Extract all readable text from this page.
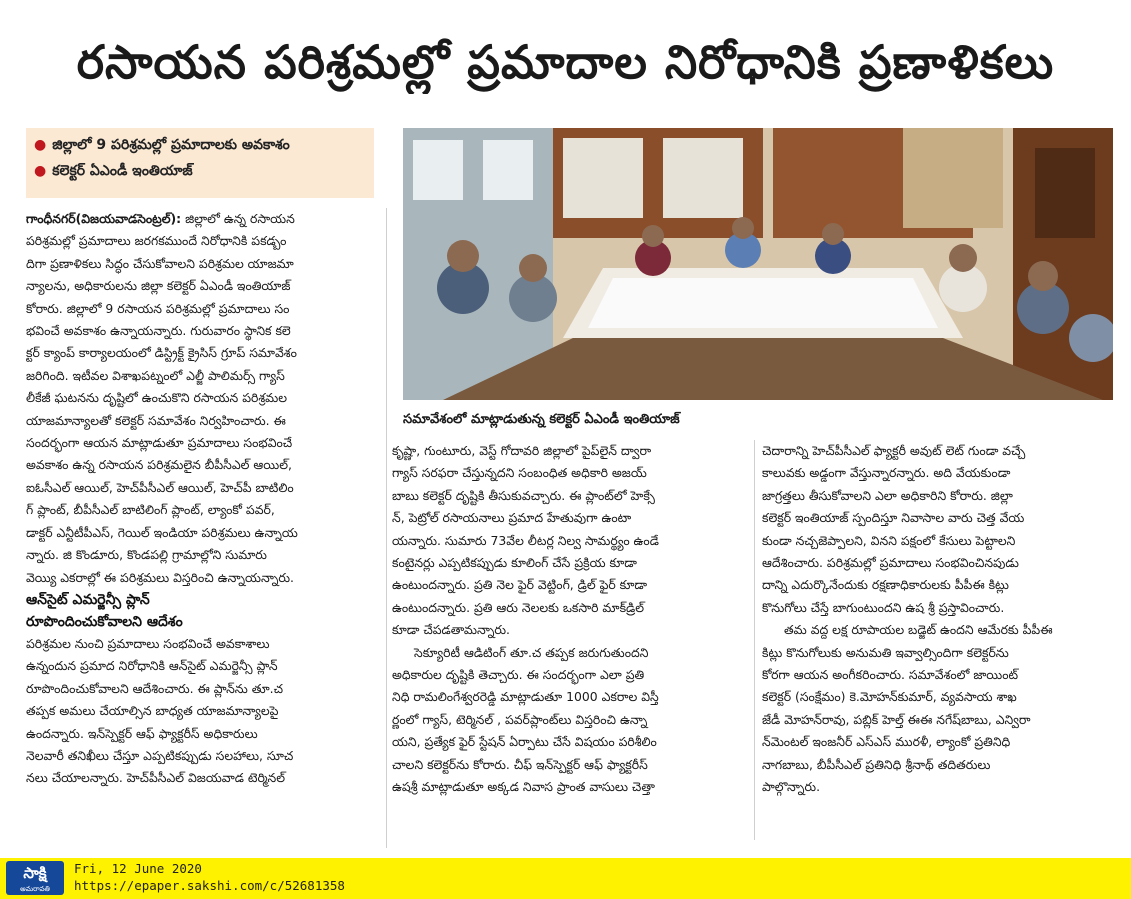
రసాయన పరిశ్రమల్లో ప్రమాదాల నిరోధానికి ప్రణాళికలు
● జిల్లాలో 9 పరిశ్రమల్లో ప్రమాదాలకు అవకాశం
● కలెక్టర్ ఏఎండీ ఇంతియాజ్
సమావేశంలో మాట్లాడుతున్న కలెక్టర్ ఏఎండీ ఇంతియాజ్

గాంధీనగర్(విజయవాడసెంట్రల్): జిల్లాలో ఉన్న రసాయన

పరిశ్రమల్లో ప్రమాదాలు జరగకముందే నిరోధానికి పకడ్బం

దిగా ప్రణాళికలు సిద్ధం చేసుకోవాలని పరిశ్రమల యాజమా

న్యాలను, అధికారులను జిల్లా కలెక్టర్ ఏఎండీ ఇంతియాజ్

కోరారు. జిల్లాలో 9 రసాయన పరిశ్రమల్లో ప్రమాదాలు సం

భవించే అవకాశం ఉన్నాయన్నారు. గురువారం స్థానిక కలె

క్టర్ క్యాంప్ కార్యాలయంలో డిస్ట్రిక్ట్ క్రైసిస్ గ్రూప్ సమావేశం

జరిగింది. ఇటీవల విశాఖపట్నంలో ఎల్జీ పాలిమర్స్ గ్యాస్

లీకేజీ ఘటనను దృష్టిలో ఉంచుకొని రసాయన పరిశ్రమల

యాజమాన్యాలతో కలెక్టర్ సమావేశం నిర్వహించారు. ఈ

సందర్భంగా ఆయన మాట్లాడుతూ ప్రమాదాలు సంభవించే

అవకాశం ఉన్న రసాయన పరిశ్రమలైన బీపీసీఎల్ ఆయిల్,

ఐఓసీఎల్ ఆయిల్, హెచ్‌పీసీఎల్ ఆయిల్, హెచ్‌పీ బాటిలిం

గ్ ప్లాంట్, బీపీసీఎల్ బాటిలింగ్ ప్లాంట్, ల్యాంకో పవర్,

డాక్టర్ ఎన్టీటీపీఎస్, గెయిల్ ఇండియా పరిశ్రమలు ఉన్నాయ

న్నారు. జి కొండూరు, కొండపల్లి గ్రామాల్లోని సుమారు

వెయ్యి ఎకరాల్లో ఈ పరిశ్రమలు విస్తరించి ఉన్నాయన్నారు.

ఆన్‌సైట్ ఎమర్జెన్సీ ప్లాన్

రూపొందించుకోవాలని ఆదేశం

పరిశ్రమల నుంచి ప్రమాదాలు సంభవించే అవకాశాలు

ఉన్నందున ప్రమాద నిరోధానికి ఆన్‌సైట్ ఎమర్జెన్సీ ప్లాన్

రూపొందించుకోవాలని ఆదేశించారు. ఈ ప్లాన్‌ను తూ.చ

తప్పక అమలు చేయాల్సిన బాధ్యత యాజమాన్యాలపై

ఉందన్నారు. ఇన్‌స్పెక్టర్ ఆఫ్ ఫ్యాక్టరీస్ అధికారులు

నెలవారీ తనిఖీలు చేస్తూ ఎప్పటికప్పుడు సలహాలు, సూచ

నలు చేయాలన్నారు. హెచ్‌పీసీఎల్ విజయవాడ టెర్మినల్

కృష్ణా, గుంటూరు, వెస్ట్ గోదావరి జిల్లాలో పైప్‌లైన్ ద్వారా

గ్యాస్ సరఫరా చేస్తున్నదని సంబంధిత అధికారి అజయ్

బాబు కలెక్టర్ దృష్టికి తీసుకువచ్చారు. ఈ ప్లాంట్‌లో హెక్సే

న్, పెట్రోల్ రసాయనాలు ప్రమాద హేతువుగా ఉంటా

యన్నారు. సుమారు 73వేల లీటర్ల నిల్వ సామర్థ్యం ఉండే

కంటైనర్లు ఎప్పటికప్పుడు కూలింగ్ చేసే ప్రక్రియ కూడా

ఉంటుందన్నారు. ప్రతి నెల ఫైర్ వెట్టింగ్, డ్రిల్ ఫైర్ కూడా

ఉంటుందన్నారు. ప్రతి ఆరు నెలలకు ఒకసారి మాక్‌డ్రిల్

కూడా చేపడతామన్నారు.

సెక్యూరిటీ ఆడిటింగ్ తూ.చ తప్పక జరుగుతుందని

అధికారుల దృష్టికి తెచ్చారు. ఈ సందర్భంగా ఎలా ప్రతి

నిధి రామలింగేశ్వరరెడ్డి మాట్లాడుతూ 1000 ఎకరాల విస్తీ

ర్ణంలో గ్యాస్, టెర్మినల్ , పవర్‌ప్లాంట్‌లు విస్తరించి ఉన్నా

యని, ప్రత్యేక ఫైర్ స్టేషన్ ఏర్పాటు చేసే విషయం పరిశీలిం

చాలని కలెక్టర్‌ను కోరారు. చీఫ్ ఇన్‌స్పెక్టర్ ఆఫ్ ఫ్యాక్టరీస్

ఉషశ్రీ మాట్లాడుతూ అక్కడ నివాస ప్రాంత వాసులు చెత్తా

చెదారాన్ని హెచ్‌పీసీఎల్ ఫ్యాక్టరీ అవుట్ లెట్ గుండా వచ్చే

కాలువకు అడ్డంగా వేస్తున్నారన్నారు. అది వేయకుండా

జాగ్రత్తలు తీసుకోవాలని ఎలా అధికారిని కోరారు. జిల్లా

కలెక్టర్ ఇంతియాజ్ స్పందిస్తూ నివాసాల వారు చెత్త వేయ

కుండా నచ్చజెప్పాలని, వినని పక్షంలో కేసులు పెట్టాలని

ఆదేశించారు. పరిశ్రమల్లో ప్రమాదాలు సంభవించినపుడు

దాన్ని ఎదుర్కొనేందుకు రక్షణాధికారులకు పీపీఈ కిట్లు

కొనుగోలు చేస్తే బాగుంటుందని ఉష శ్రీ ప్రస్తావించారు.

తమ వద్ద లక్ష రూపాయల బడ్జెట్ ఉందని ఆమేరకు పీపీఈ

కిట్లు కొనుగోలుకు అనుమతి ఇవ్వాల్సిందిగా కలెక్టర్‌ను

కోరగా ఆయన అంగీకరించారు. సమావేశంలో జాయింట్

కలెక్టర్ (సంక్షేమం) కె.మోహన్‌కుమార్, వ్యవసాయ శాఖ

జేడీ మోహన్‌రావు, పబ్లిక్ హెల్త్ ఈఈ నగేష్‌బాబు, ఎన్విరా

న్‌మెంటల్ ఇంజనీర్ ఎస్ఎస్ మురళీ, ల్యాంకో ప్రతినిధి

నాగబాబు, బీపీసీఎల్ ప్రతినిధి శ్రీనాథ్ తదితరులు

పాల్గొన్నారు.

సాక్షి
అమరావతి
Fri, 12 June 2020
https://epaper.sakshi.com/c/52681358
